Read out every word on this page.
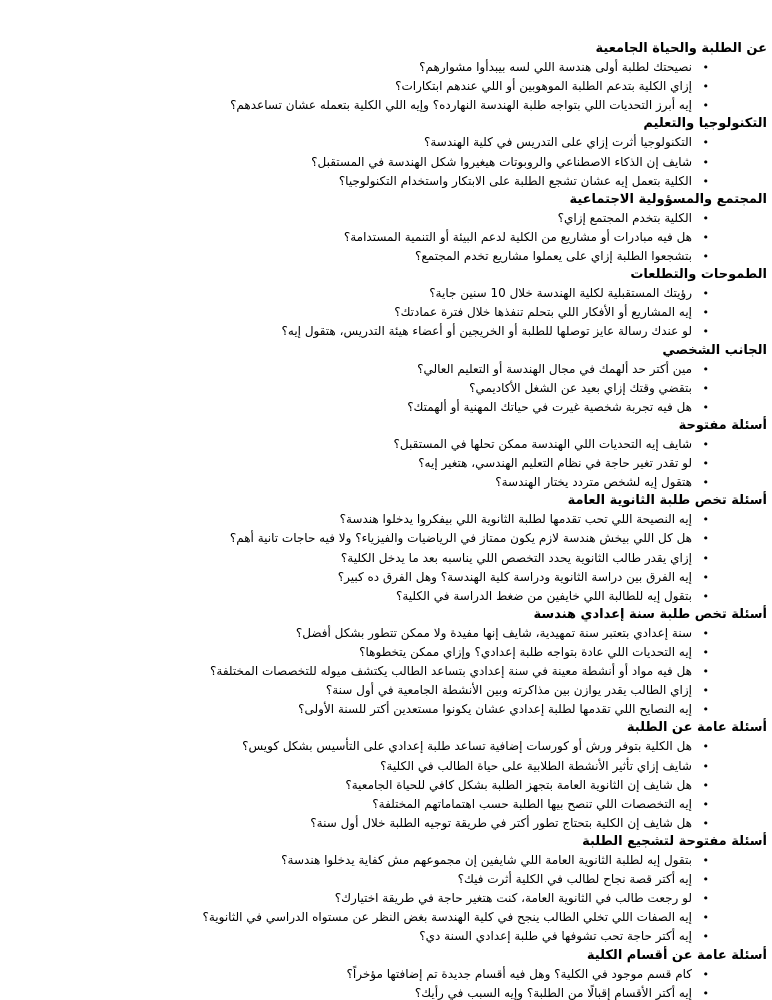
عن الطلبة والحياة الجامعية
•
نصيحتك لطلبة أولى هندسة اللي لسه بيبدأوا مشوارهم؟
•
إزاي الكلية بتدعم الطلبة الموهوبين أو اللي عندهم ابتكارات؟
•
إيه أبرز التحديات اللي بتواجه طلبة الهندسة النهارده؟ وإيه اللي الكلية بتعمله عشان تساعدهم؟
التكنولوجيا والتعليم
•
التكنولوجيا أثرت إزاي على التدريس في كلية الهندسة؟
•
شايف إن الذكاء الاصطناعي والروبوتات هيغيروا شكل الهندسة في المستقبل؟
•
الكلية بتعمل إيه عشان تشجع الطلبة على الابتكار واستخدام التكنولوجيا؟
المجتمع والمسؤولية الاجتماعية
•
الكلية بتخدم المجتمع إزاي؟
•
هل فيه مبادرات أو مشاريع من الكلية لدعم البيئة أو التنمية المستدامة؟
•
بتشجعوا الطلبة إزاي على يعملوا مشاريع تخدم المجتمع؟
الطموحات والتطلعات
•
رؤيتك المستقبلية لكلية الهندسة خلال 10 سنين جاية؟
•
إيه المشاريع أو الأفكار اللي بتحلم تنفذها خلال فترة عمادتك؟
•
لو عندك رسالة عايز توصلها للطلبة أو الخريجين أو أعضاء هيئة التدريس، هتقول إيه؟
الجانب الشخصي
•
مين أكتر حد ألهمك في مجال الهندسة أو التعليم العالي؟
•
بتقضي وقتك إزاي بعيد عن الشغل الأكاديمي؟
•
هل فيه تجربة شخصية غيرت في حياتك المهنية أو ألهمتك؟
أسئلة مفتوحة
•
شايف إيه التحديات اللي الهندسة ممكن تحلها في المستقبل؟
•
لو تقدر تغير حاجة في نظام التعليم الهندسي، هتغير إيه؟
•
هتقول إيه لشخص متردد يختار الهندسة؟
أسئلة تخص طلبة الثانوية العامة
•
إيه النصيحة اللي تحب تقدمها لطلبة الثانوية اللي بيفكروا يدخلوا هندسة؟
•
هل كل اللي بيخش هندسة لازم يكون ممتاز في الرياضيات والفيزياء؟ ولا فيه حاجات تانية أهم؟
•
إزاي يقدر طالب الثانوية يحدد التخصص اللي يناسبه بعد ما يدخل الكلية؟
•
إيه الفرق بين دراسة الثانوية ودراسة كلية الهندسة؟ وهل الفرق ده كبير؟
•
بتقول إيه للطالبة اللي خايفين من ضغط الدراسة في الكلية؟
أسئلة تخص طلبة سنة إعدادي هندسة
•
سنة إعدادي بتعتبر سنة تمهيدية، شايف إنها مفيدة ولا ممكن تتطور بشكل أفضل؟
•
إيه التحديات اللي عادة بتواجه طلبة إعدادي؟ وإزاي ممكن يتخطوها؟
•
هل فيه مواد أو أنشطة معينة في سنة إعدادي بتساعد الطالب يكتشف ميوله للتخصصات المختلفة؟
•
إزاي الطالب يقدر يوازن بين مذاكرته وبين الأنشطة الجامعية في أول سنة؟
•
إيه النصايح اللي تقدمها لطلبة إعدادي عشان يكونوا مستعدين أكتر للسنة الأولى؟
أسئلة عامة عن الطلبة
•
هل الكلية بتوفر ورش أو كورسات إضافية تساعد طلبة إعدادي على التأسيس بشكل كويس؟
•
شايف إزاي تأثير الأنشطة الطلابية على حياة الطالب في الكلية؟
•
هل شايف إن الثانوية العامة بتجهز الطلبة بشكل كافي للحياة الجامعية؟
•
إيه التخصصات اللي تنصح بيها الطلبة حسب اهتماماتهم المختلفة؟
•
هل شايف إن الكلية بتحتاج تطور أكتر في طريقة توجيه الطلبة خلال أول سنة؟
أسئلة مفتوحة لتشجيع الطلبة
•
بتقول إيه لطلبة الثانوية العامة اللي شايفين إن مجموعهم مش كفاية يدخلوا هندسة؟
•
إيه أكتر قصة نجاح لطالب في الكلية أثرت فيك؟
•
لو رجعت طالب في الثانوية العامة، كنت هتغير حاجة في طريقة اختيارك؟
•
إيه الصفات اللي تخلي الطالب ينجح في كلية الهندسة بغض النظر عن مستواه الدراسي في الثانوية؟
•
إيه أكتر حاجة تحب تشوفها في طلبة إعدادي السنة دي؟
أسئلة عامة عن أقسام الكلية
•
كام قسم موجود في الكلية؟ وهل فيه أقسام جديدة تم إضافتها مؤخراً؟
•
إيه أكتر الأقسام إقبالًا من الطلبة؟ وإيه السبب في رأيك؟
